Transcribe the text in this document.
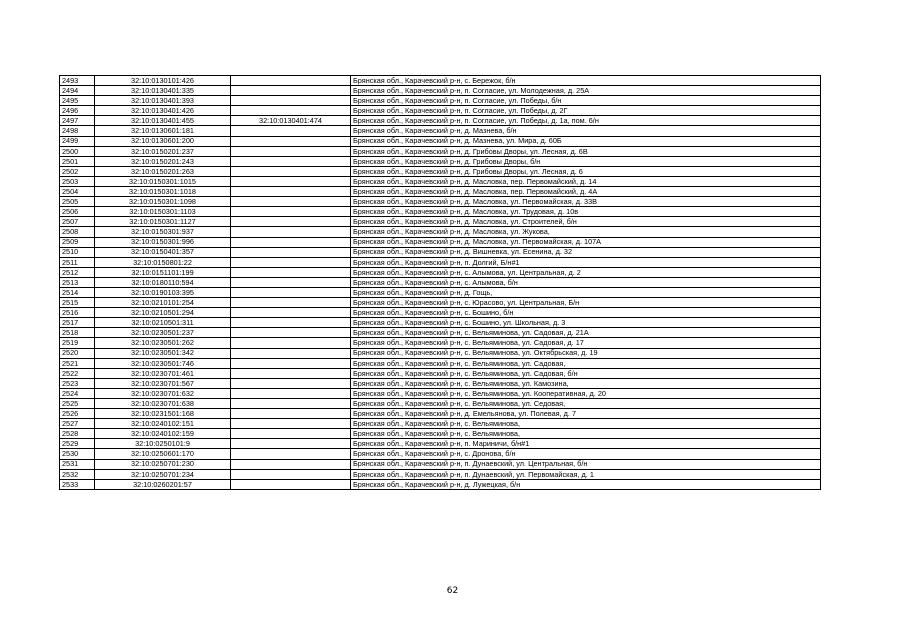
2493	32:10:0130101:426		Брянская обл., Карачевский р-н, с. Бережок, б/н
2494	32:10:0130401:335		Брянская обл., Карачевский р-н, п. Согласие, ул. Молодежная, д. 25А
2495	32:10:0130401:393		Брянская обл., Карачевский р-н, п. Согласие, ул. Победы, б/н
2496	32:10:0130401:426		Брянская обл., Карачевский р-н, п. Согласие, ул. Победы, д. 2Г
2497	32:10:0130401:455	32:10:0130401:474	Брянская обл., Карачевский р-н, п. Согласие, ул. Победы, д. 1а, пом. 6/н
2498	32:10:0130601:181		Брянская обл., Карачевский р-н, д. Мазнева, б/н
2499	32:10:0130601:200		Брянская обл., Карачевский р-н, д. Мазнева, ул. Мира, д. 60Б
2500	32:10:0150201:237		Брянская обл., Карачевский р-н, д. Грибовы Дворы, ул. Лесная, д. 6В
2501	32:10:0150201:243		Брянская обл., Карачевский р-н, д. Грибовы Дворы, б/н
2502	32:10:0150201:263		Брянская обл., Карачевский р-н, д. Грибовы Дворы, ул. Лесная, д. 6
2503	32:10:0150301:1015		Брянская обл., Карачевский р-н, д. Масловка, пер. Первомайский, д. 14
2504	32:10:0150301:1018		Брянская обл., Карачевский р-н, д. Масловка, пер. Первомайский, д. 4А
2505	32:10:0150301:1098		Брянская обл., Карачевский р-н, д. Масловка, ул. Первомайская, д. 33В
2506	32:10:0150301:1103		Брянская обл., Карачевский р-н, д. Масловка, ул. Трудовая, д. 10в
2507	32:10:0150301:1127		Брянская обл., Карачевский р-н, д. Масловка, ул. Строителей, б/н
2508	32:10:0150301:937		Брянская обл., Карачевский р-н, д. Масловка, ул. Жукова,
2509	32:10:0150301:996		Брянская обл., Карачевский р-н, д. Масловка, ул. Первомайская, д. 107А
2510	32:10:0150401:357		Брянская обл., Карачевский р-н, д. Вишневка, ул. Есенина, д. 32
2511	32:10:0150801:22		Брянская обл., Карачевский р-н, п. Долгий, Б/н#1
2512	32:10:0151101:199		Брянская обл., Карачевский р-н, с. Алымова, ул. Центральная, д. 2
2513	32:10:0180110:594		Брянская обл., Карачевский р-н, с. Алымова, б/н
2514	32:10:0190103:395		Брянская обл., Карачевский р-н, д. Гощь,
2515	32:10:0210101:254		Брянская обл., Карачевский р-н, с. Юрасово, ул. Центральная, Б/н
2516	32:10:0210501:294		Брянская обл., Карачевский р-н, с. Бошино, б/н
2517	32:10:0210501:311		Брянская обл., Карачевский р-н, с. Бошино, ул. Школьная, д. 3
2518	32:10:0230501:237		Брянская обл., Карачевский р-н, с. Вельяминова, ул. Садовая, д. 21А
2519	32:10:0230501:262		Брянская обл., Карачевский р-н, с. Вельяминова, ул. Садовая, д. 17
2520	32:10:0230501:342		Брянская обл., Карачевский р-н, с. Вельяминова, ул. Октябрьская, д. 19
2521	32:10:0230501:746		Брянская обл., Карачевский р-н, с. Вельяминова, ул. Садовая,
2522	32:10:0230701:461		Брянская обл., Карачевский р-н, с. Вельяминова, ул. Садовая, б/н
2523	32:10:0230701:567		Брянская обл., Карачевский р-н, с. Вельяминова, ул. Камозина,
2524	32:10:0230701:632		Брянская обл., Карачевский р-н, с. Вельяминова, ул. Кооперативная, д. 20
2525	32:10:0230701:638		Брянская обл., Карачевский р-н, с. Вельяминова, ул. Седовая,
2526	32:10:0231501:168		Брянская обл., Карачевский р-н, д. Емельянова, ул. Полевая, д. 7
2527	32:10:0240102:151		Брянская обл., Карачевский р-н, с. Вельяминова,
2528	32:10:0240102:159		Брянская обл., Карачевский р-н, с. Вельяминова,
2529	32:10:0250101:9		Брянская обл., Карачевский р-н, п. Мариничи, б/н#1
2530	32:10:0250601:170		Брянская обл., Карачевский р-н, с. Дронова, б/н
2531	32:10:0250701:230		Брянская обл., Карачевский р-н, п. Дунаевский, ул. Центральная, б/н
2532	32:10:0250701:234		Брянская обл., Карачевский р-н, п. Дунаевский, ул. Первомайская, д. 1
2533	32:10:0260201:57		Брянская обл., Карачевский р-н, д. Лужецкая, б/н
62
